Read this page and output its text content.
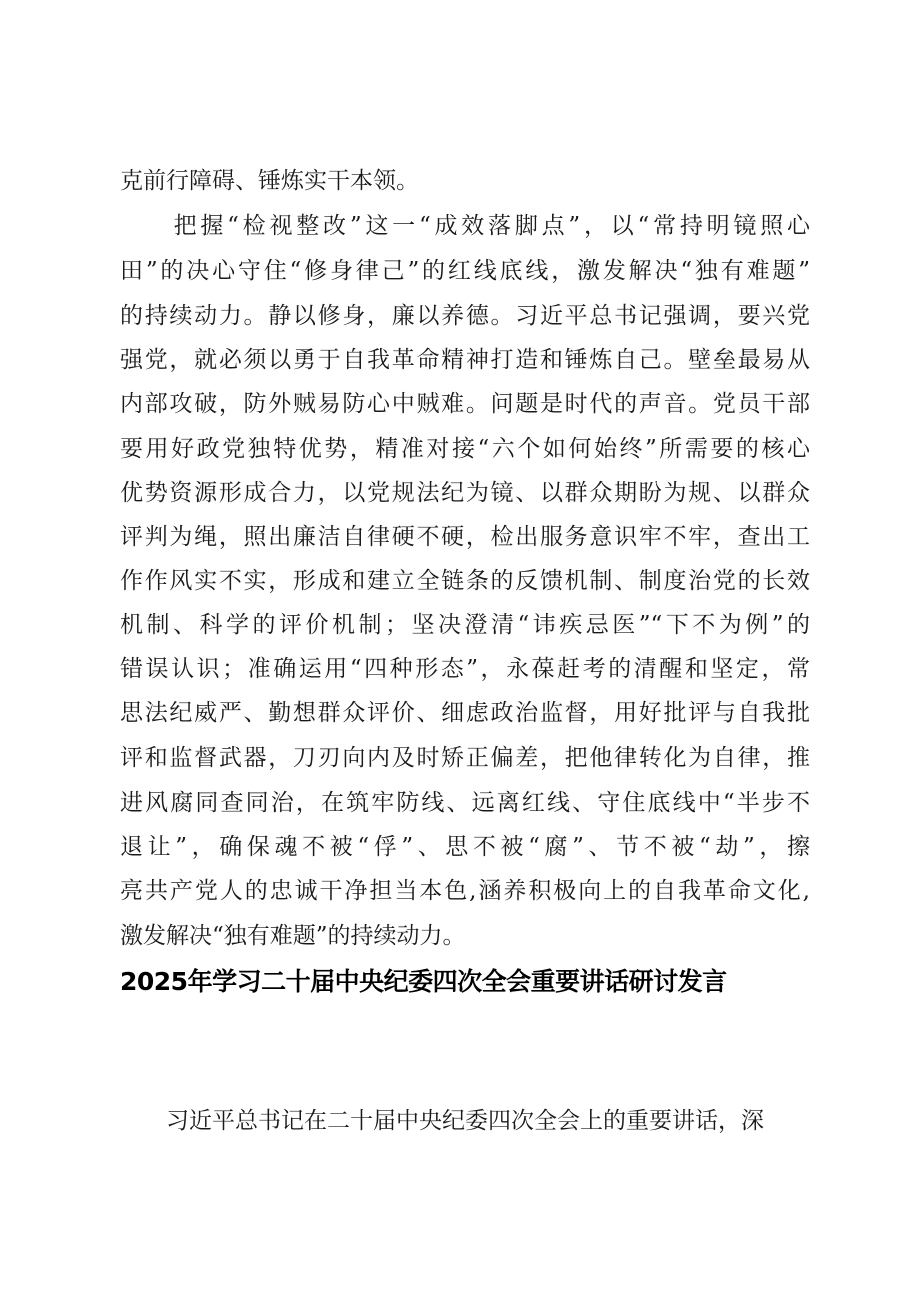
克前行障碍、锤炼实干本领。

　　把握“检视整改”这一“成效落脚点”，以“常持明镜照心

田”的决心守住“修身律己”的红线底线，激发解决“独有难题”

的持续动力。静以修身，廉以养德。习近平总书记强调，要兴党

强党，就必须以勇于自我革命精神打造和锤炼自己。壁垒最易从

内部攻破，防外贼易防心中贼难。问题是时代的声音。党员干部

要用好政党独特优势，精准对接“六个如何始终”所需要的核心

优势资源形成合力，以党规法纪为镜、以群众期盼为规、以群众

评判为绳，照出廉洁自律硬不硬，检出服务意识牢不牢，查出工

作作风实不实，形成和建立全链条的反馈机制、制度治党的长效

机制、科学的评价机制；坚决澄清“讳疾忌医”“下不为例”的

错误认识；准确运用“四种形态”，永葆赶考的清醒和坚定，常

思法纪威严、勤想群众评价、细虑政治监督，用好批评与自我批

评和监督武器，刀刃向内及时矫正偏差，把他律转化为自律，推

进风腐同查同治，在筑牢防线、远离红线、守住底线中“半步不

退让”，确保魂不被“俘”、思不被“腐”、节不被“劫”，擦

亮共产党人的忠诚干净担当本色,涵养积极向上的自我革命文化,

激发解决“独有难题”的持续动力。

2025年学习二十届中央纪委四次全会重要讲话研讨发言

　　习近平总书记在二十届中央纪委四次全会上的重要讲话，深
